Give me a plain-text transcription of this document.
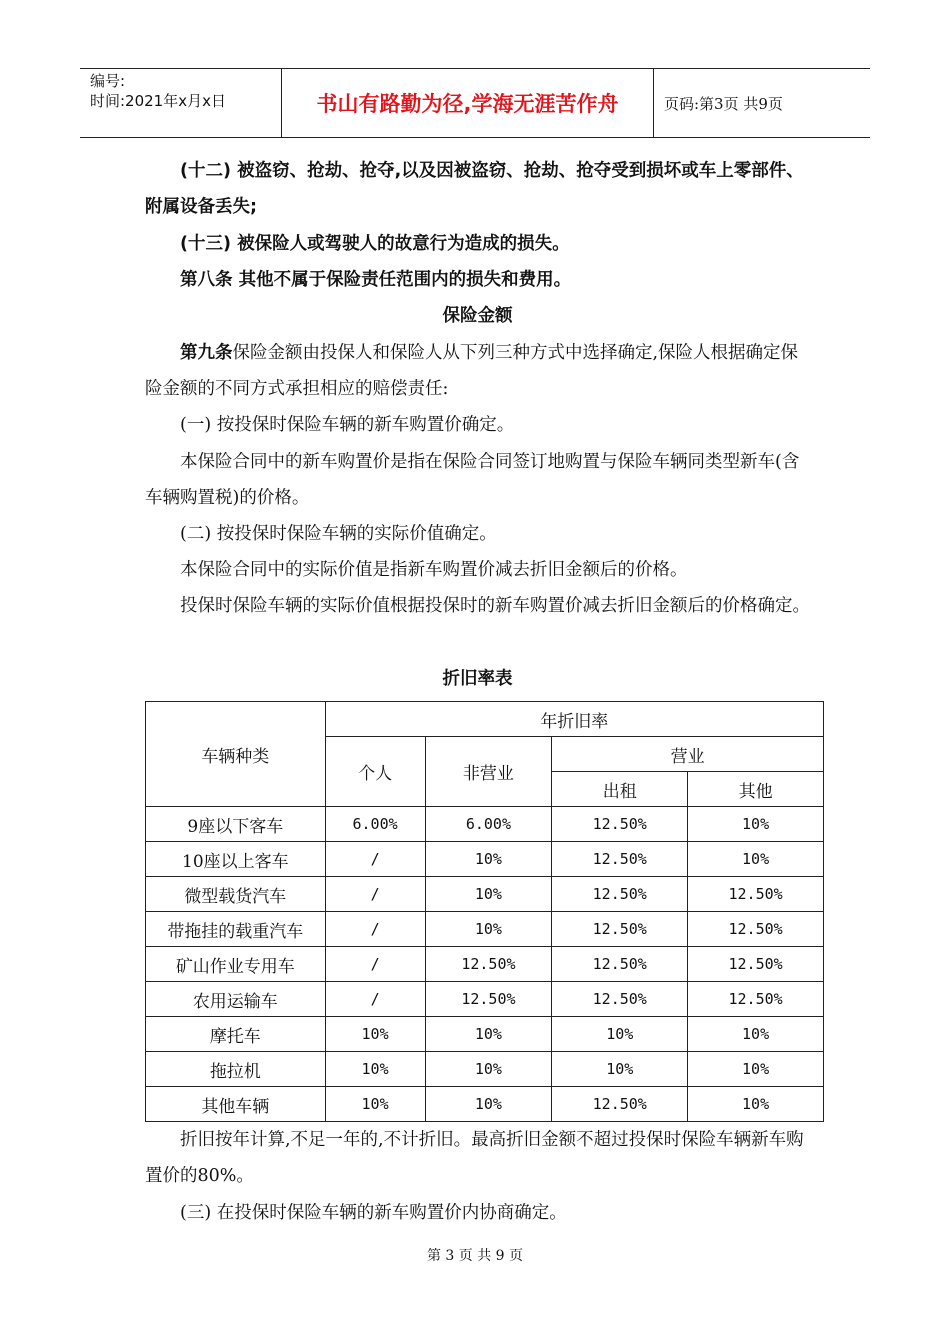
编号:
时间:2021年x月x日	书山有路勤为径,学海无涯苦作舟	页码:第3页 共9页
(十二) 被盗窃、抢劫、抢夺,以及因被盗窃、抢劫、抢夺受到损坏或车上零部件、附属设备丢失;
(十三) 被保险人或驾驶人的故意行为造成的损失。
第八条 其他不属于保险责任范围内的损失和费用。
保险金额
第九条保险金额由投保人和保险人从下列三种方式中选择确定,保险人根据确定保险金额的不同方式承担相应的赔偿责任:
(一) 按投保时保险车辆的新车购置价确定。
本保险合同中的新车购置价是指在保险合同签订地购置与保险车辆同类型新车(含车辆购置税)的价格。
(二) 按投保时保险车辆的实际价值确定。
本保险合同中的实际价值是指新车购置价减去折旧金额后的价格。
投保时保险车辆的实际价值根据投保时的新车购置价减去折旧金额后的价格确定。
折旧率表
车辆种类	年折旧率			
	个人	非营业	营业	
			出租	其他
9座以下客车	6.00%	6.00%	12.50%	10%
10座以上客车	/	10%	12.50%	10%
微型载货汽车	/	10%	12.50%	12.50%
带拖挂的载重汽车	/	10%	12.50%	12.50%
矿山作业专用车	/	12.50%	12.50%	12.50%
农用运输车	/	12.50%	12.50%	12.50%
摩托车	10%	10%	10%	10%
拖拉机	10%	10%	10%	10%
其他车辆	10%	10%	12.50%	10%
折旧按年计算,不足一年的,不计折旧。最高折旧金额不超过投保时保险车辆新车购置价的80%。
(三) 在投保时保险车辆的新车购置价内协商确定。
第 3 页 共 9 页
